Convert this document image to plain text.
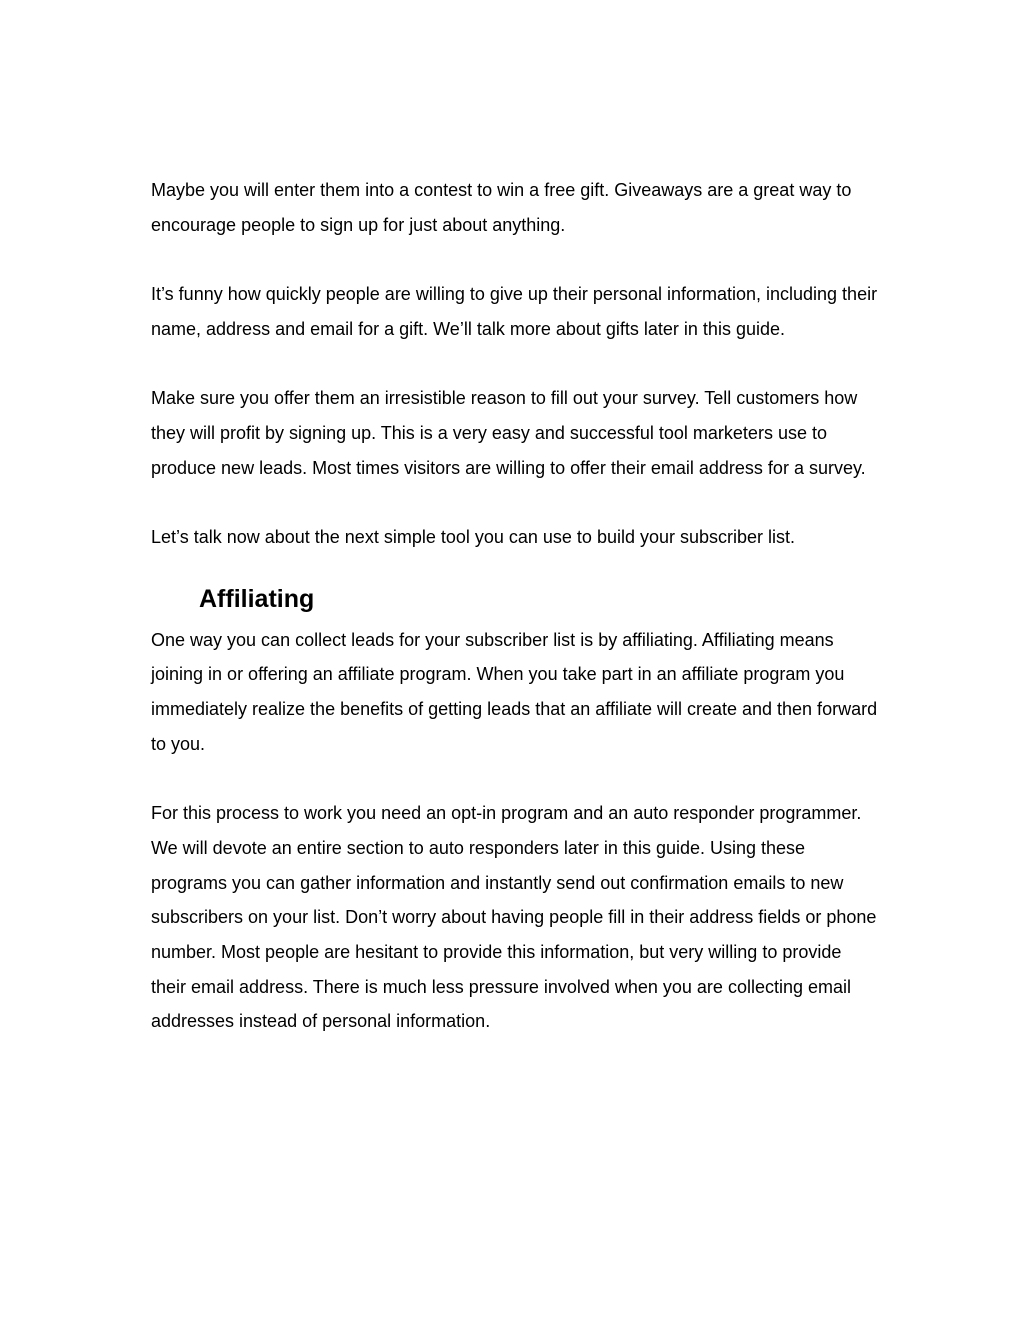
Maybe you will enter them into a contest to win a free gift. Giveaways are a great way to encourage people to sign up for just about anything.

It’s funny how quickly people are willing to give up their personal information, including their name, address and email for a gift. We’ll talk more about gifts later in this guide.

Make sure you offer them an irresistible reason to fill out your survey. Tell customers how they will profit by signing up. This is a very easy and successful tool marketers use to produce new leads. Most times visitors are willing to offer their email address for a survey.

Let’s talk now about the next simple tool you can use to build your subscriber list.

Affiliating

One way you can collect leads for your subscriber list is by affiliating. Affiliating means joining in or offering an affiliate program. When you take part in an affiliate program you immediately realize the benefits of getting leads that an affiliate will create and then forward to you.

For this process to work you need an opt-in program and an auto responder programmer. We will devote an entire section to auto responders later in this guide. Using these programs you can gather information and instantly send out confirmation emails to new subscribers on your list. Don’t worry about having people fill in their address fields or phone number. Most people are hesitant to provide this information, but very willing to provide their email address. There is much less pressure involved when you are collecting email addresses instead of personal information.
